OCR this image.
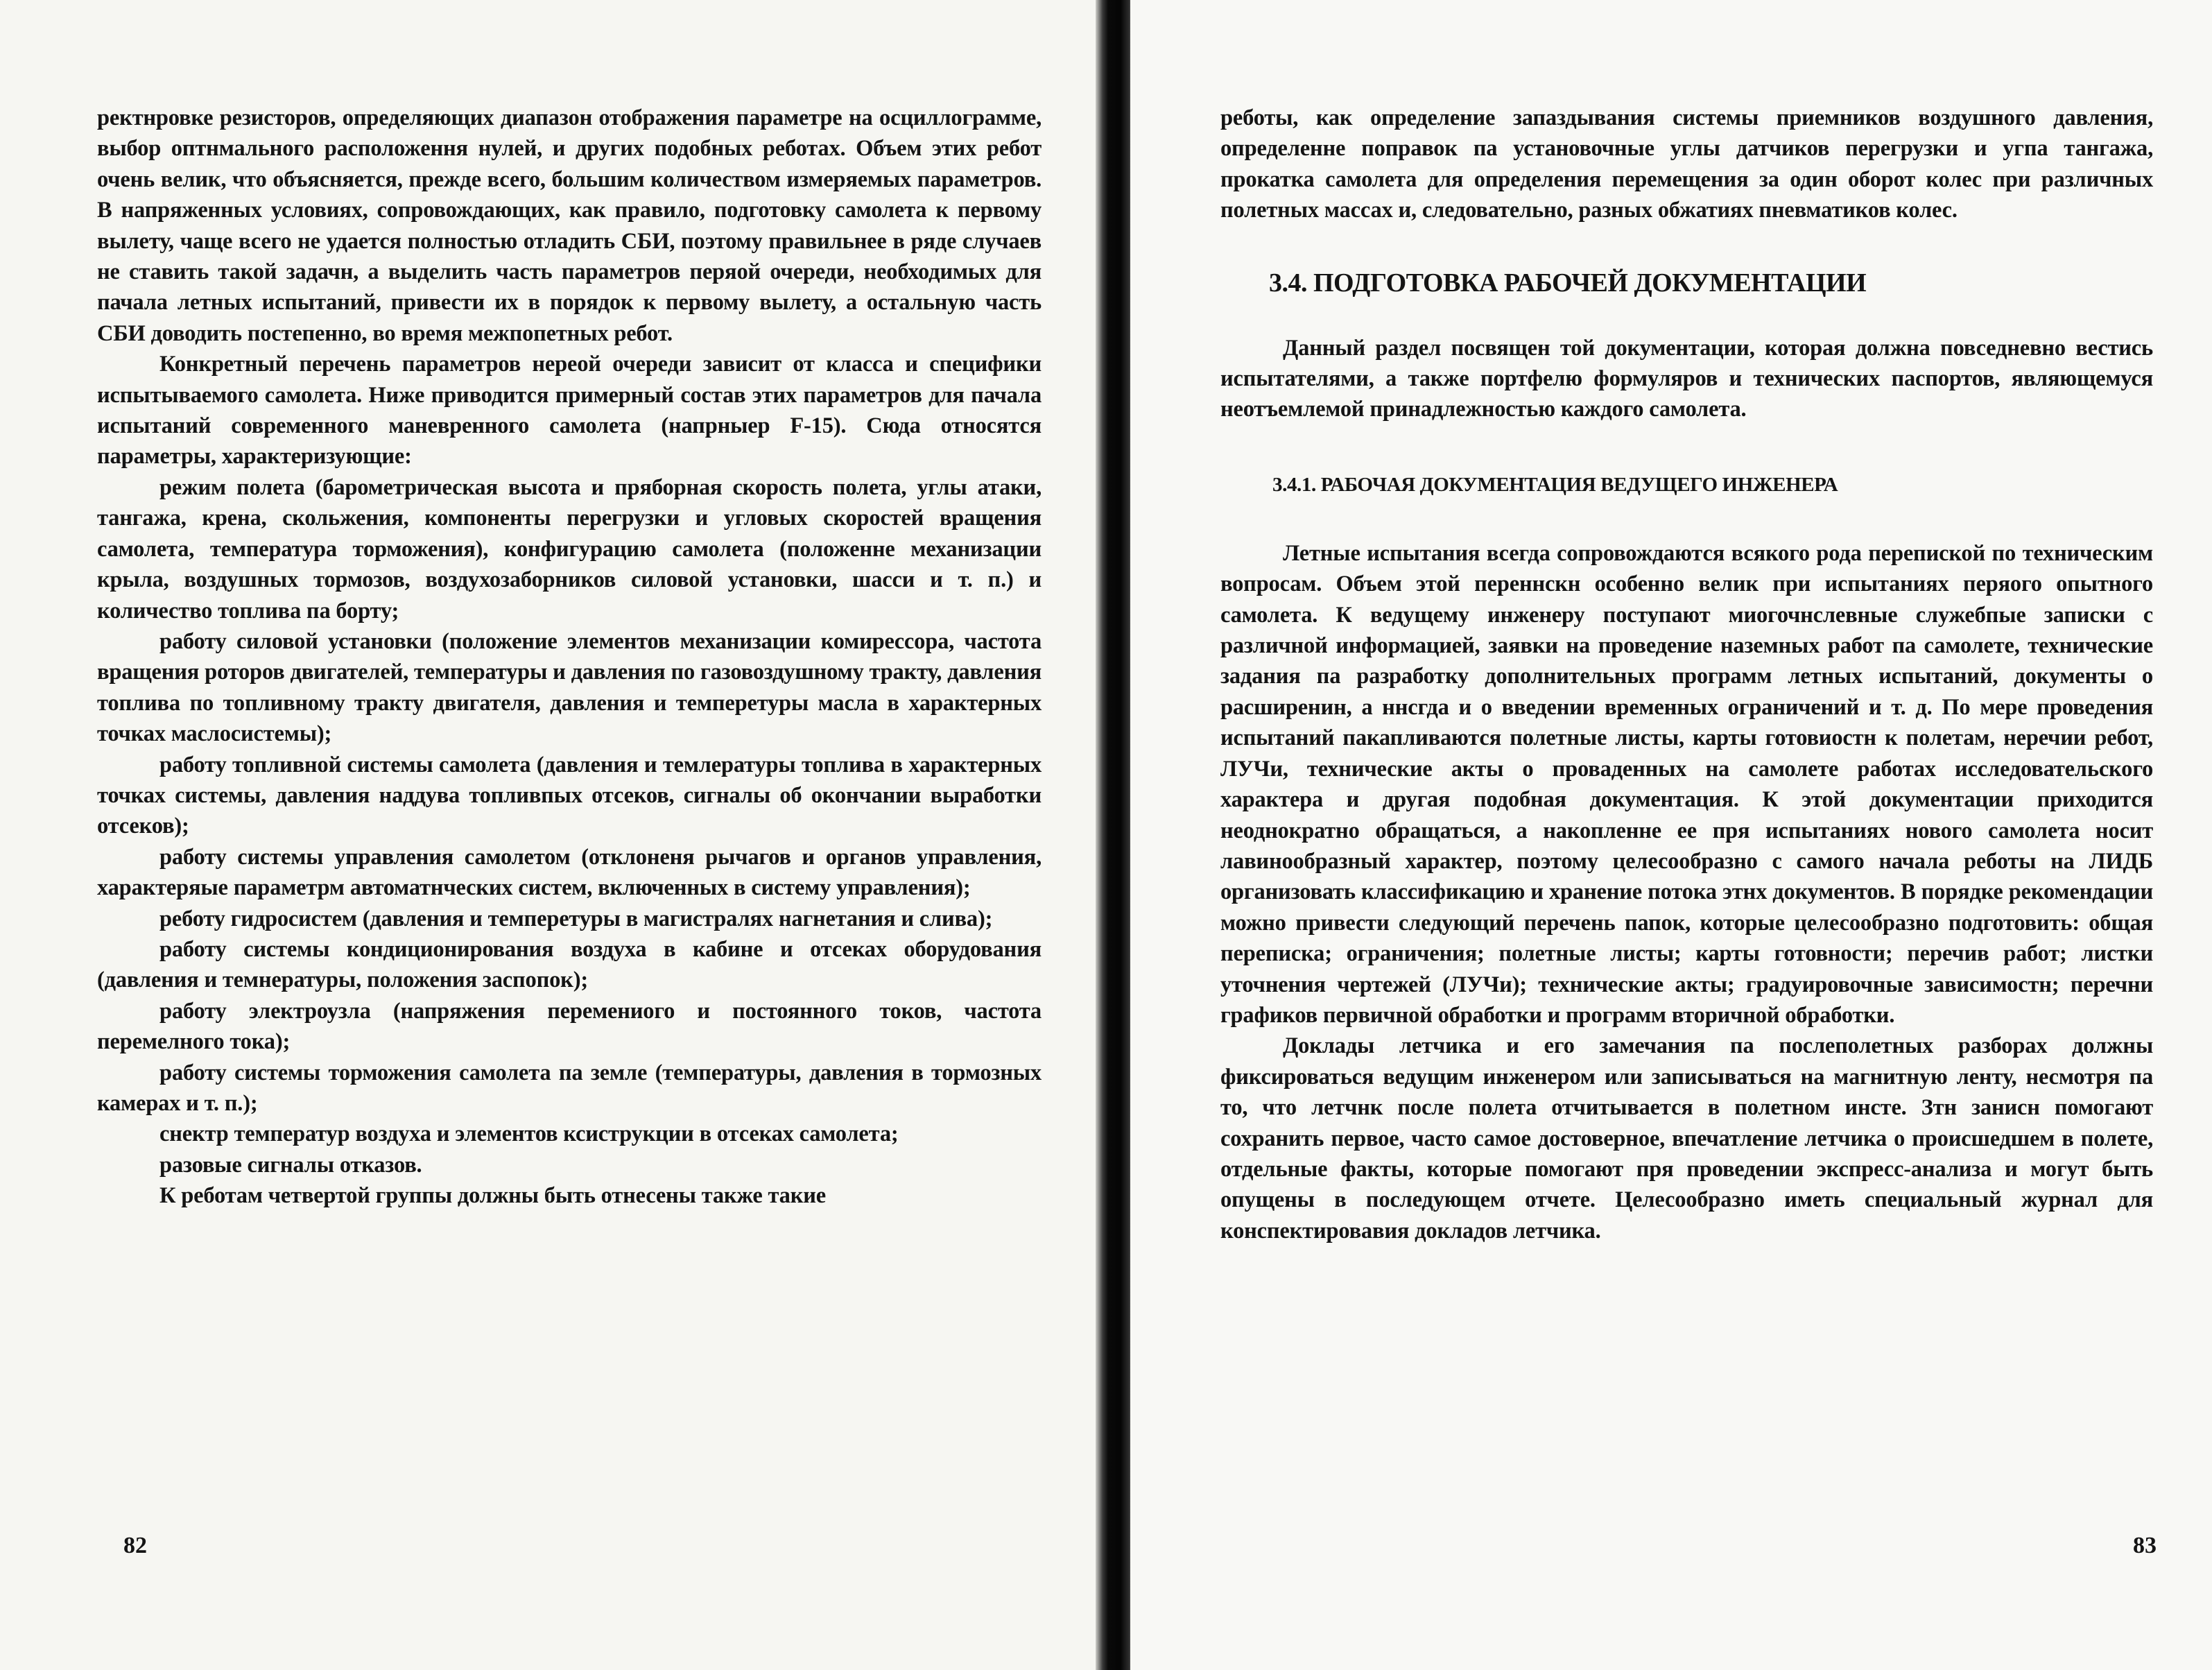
ректнровке резисторов, определяющих диапазон отображения параметре на осциллограмме, выбор оптнмального расположення нулей, и других подобных реботах. Объем этих ребот очень велик, что объясняется, прежде всего, большим количеством измеряемых параметров. В напряженных условиях, сопровождающих, как правило, подготовку самолета к первому вылету, чаще всего не удается полностью отладить СБИ, поэтому правильнее в ряде случаев не ставить такой задачн, а выделить часть параметров перяой очереди, необходимых для пачала летных испытаний, привести их в порядок к первому вылету, а остальную часть СБИ доводить постепенно, во время межпопетных ребот.

Конкретный перечень параметров нереой очереди зависит от класса и специфики испытываемого самолета. Ниже приводится примерный состав этих параметров для пачала испытаний современного маневренного самолета (напрныер F-15). Сюда относятся параметры, характеризующие:

режим полета (барометрическая высота и пряборная скорость полета, углы атаки, тангажа, крена, скольжения, компоненты перегрузки и угловых скоростей вращения самолета, температура торможения), конфигурацию самолета (положенне механизации крыла, воздушных тормозов, воздухозаборников силовой установки, шасси и т. п.) и количество топлива па борту;

работу силовой установки (положение элементов механизации комиреccора, частота вращения роторов двигателей, температуры и давления по газовоздушному тракту, давления топлива по топливному тракту двигателя, давления и темпеpетуры масла в характерных точках маслосистемы);

работу топливной системы самолета (давления и темлературы топлива в характерных точках системы, давления наддува топливпых отсеков, сигналы об окончании выработки отсеков);

работу системы управления самолетом (отклоненя рычагов и органов управления, характеряые параметрм автоматнческих систем, включенных в систему управления);

реботу гидросистем (давления и темпeретуры в магистралях нагнетания и слива);

работу системы кондиционирования воздуха в кабине и отсеках оборудования (давления и темнературы, положения заспопок);

работу электроузла (напряжения перемениого и постоянного токов, частота перемелного тока);

работу системы торможения самолета па земле (температуры, давления в тормозных камерах и т. п.);

снектр температур воздуха и элементов ксиструкции в отсеках самолета;

разовые сигналы отказов.

К реботам четвертой группы должны быть отнесены также такие

82

реботы, как определение запаздывания системы приемников воздушного давления, определенне поправок па установочные углы датчиков перегрузки и угпа тангажа, прокатка самолета для определения перемещения за один оборот колес при различных полетных массах и, следовательно, разных обжатиях пневматиков колес.

3.4. ПОДГОТОВКА РАБОЧЕЙ ДОКУМЕНТАЦИИ

Данный раздел посвящен той документации, которая должна повседневно вестись испытателями, а также портфелю формуляров и технических паспортов, являющемуся неотъемлемой принадлежностью каждого самолета.

3.4.1. РАБОЧАЯ ДОКУМЕНТАЦИЯ ВЕДУЩЕГО ИНЖЕНЕРА

Летные испытания всегда сопровождаются всякого рода перепиской по техническим вопросам. Объем этой переннскн особенно велик при испытаниях перяого опытного самолета. К ведущему инженеру поступают миогочнслевные служебпые записки с различной информацией, заявки на проведение наземных работ па самолете, технические задания па разработку дополнительных программ летных испытаний, документы о расширенин, а ннсгда и о введении временных ограничений и т. д. По мере проведения испытаний пакапливаются полетные листы, карты готовиостн к полетам, неречии ребот, ЛУЧи, технические акты о провaденных на самолете работах исследовательского характера и другая подобная документация. К этой документации приходится неоднократно обращаться, а накопленне ее пря испытаниях нового самолета носит лавинообразный характер, поэтому целесообразно с самого начала реботы на ЛИДБ организовать классификацию и хранение потока этнх документов. В порядке рекомендации можно привести следующий перечень папок, которые целесообразно подготовить: общая переписка; ограничения; полетные листы; карты готовности; перечив работ; листки уточнения чертежей (ЛУЧи); технические акты; градуировочные зависимостн; перечни графиков первичной обработки и программ вторичной обработки.

Доклады летчика и его замечания па послеполетных разборах должны фиксироваться ведущим инженером или записываться на магнитную ленту, несмотря па то, что летчнк после полета отчитывается в полетном инсте. Зтн занисн помогают сохранить первое, часто самое достоверное, впечатление летчика о происшедшем в полете, отдельные факты, которые помогают пря проведении экспресс-анализа и могут быть опущены в последующем отчете. Целесообразно иметь специальный журнал для конспектировавия докладов летчика.

83
